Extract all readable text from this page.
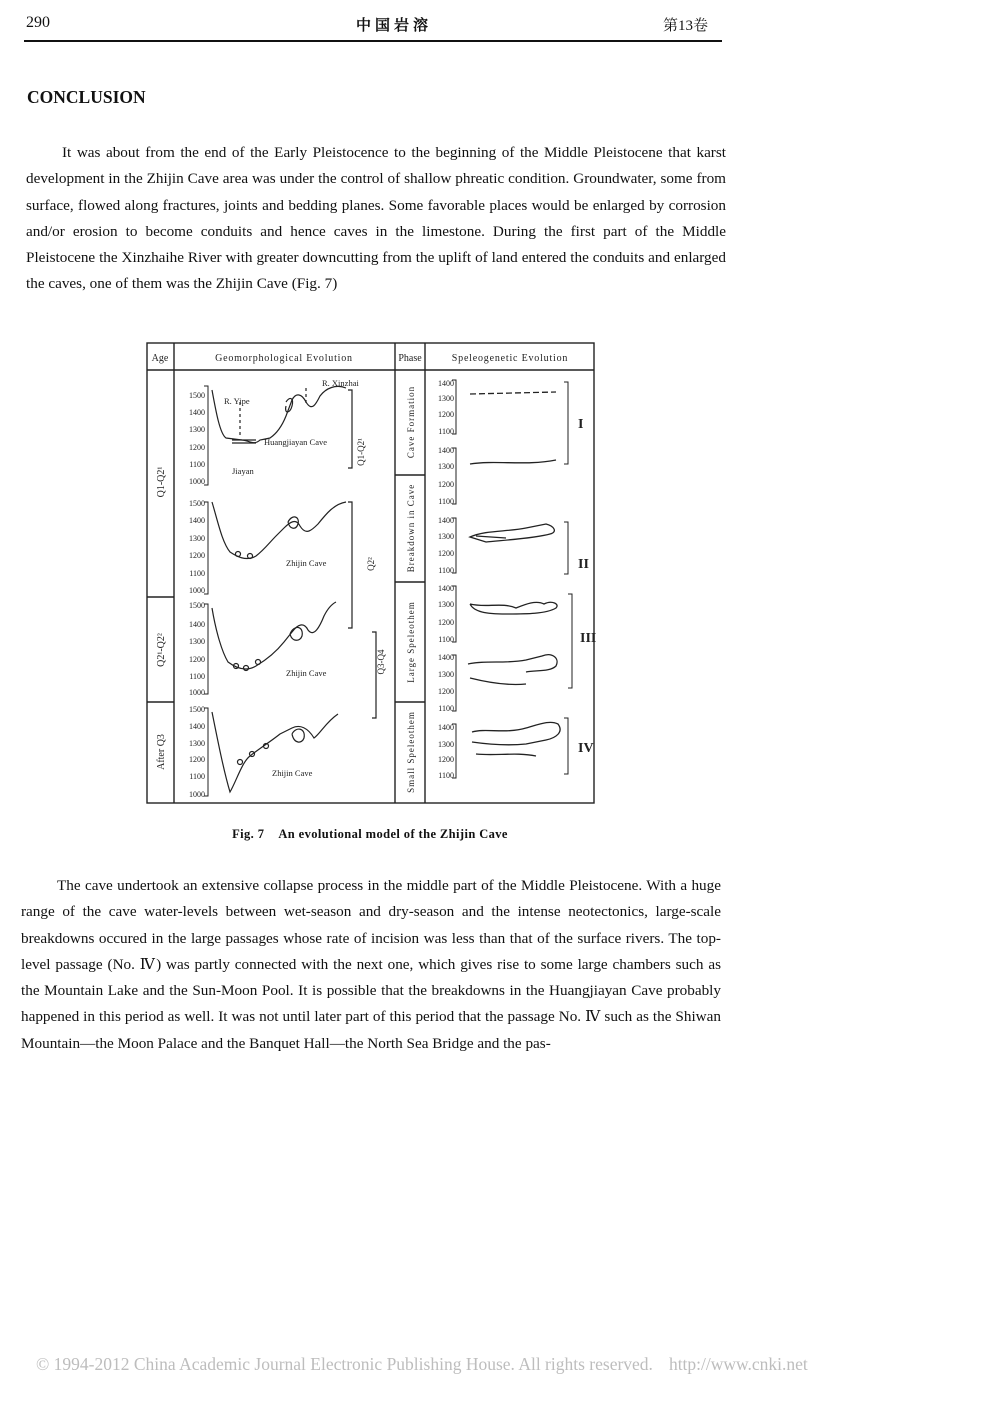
290	中国岩溶	第13卷
CONCLUSION
It was about from the end of the Early Pleistocence to the beginning of the Middle Pleistocene that karst development in the Zhijin Cave area was under the control of shallow phreatic condition. Groundwater, some from surface, flowed along fractures, joints and bedding planes. Some favorable places would be enlarged by corrosion and/or erosion to become conduits and hence caves in the limestone. During the first part of the Middle Pleistocene the Xinzhaihe River with greater downcutting from the uplift of land entered the conduits and enlarged the caves, one of them was the Zhijin Cave (Fig. 7)
Age	Geomorphological Evolution	Phase	Speleogenetic Evolution
Q1-Q2¹
Q2¹-Q2²
After Q3
Cave Formation
Breakdown in Cave
Large Speleothem
Small Speleothem
1500
1400
1300
1200
1100
1000
1500
1400
1300
1200
1100
1000
1500
1400
1300
1200
1100
1000
1500
1400
1300
1200
1100
1000
R. Xinzhai
R. Yipe
Huangjiayan Cave
Jiayan
Q1-Q2¹
Zhijin Cave	Q2²
Zhijin Cave	Q3-Q4
Zhijin Cave
1400
1300
1200
1100
1400
1300
1200
1100
1400
1300
1200
1100
1400
1300
1200
1100
1400
1300
1200
1100
1400
1300
1200
1100
I
II
III
IV
Fig. 7 An evolutional model of the Zhijin Cave
The cave undertook an extensive collapse process in the middle part of the Middle Pleistocene. With a huge range of the cave water-levels between wet-season and dry-season and the intense neotectonics, large-scale breakdowns occured in the large passages whose rate of incision was less than that of the surface rivers. The top-level passage (No. Ⅳ) was partly connected with the next one, which gives rise to some large chambers such as the Mountain Lake and the Sun-Moon Pool. It is possible that the breakdowns in the Huangjiayan Cave probably happened in this period as well. It was not until later part of this period that the passage No. Ⅳ such as the Shiwan Mountain—the Moon Palace and the Banquet Hall—the North Sea Bridge and the pas-
© 1994-2012 China Academic Journal Electronic Publishing House. All rights reserved. http://www.cnki.net
